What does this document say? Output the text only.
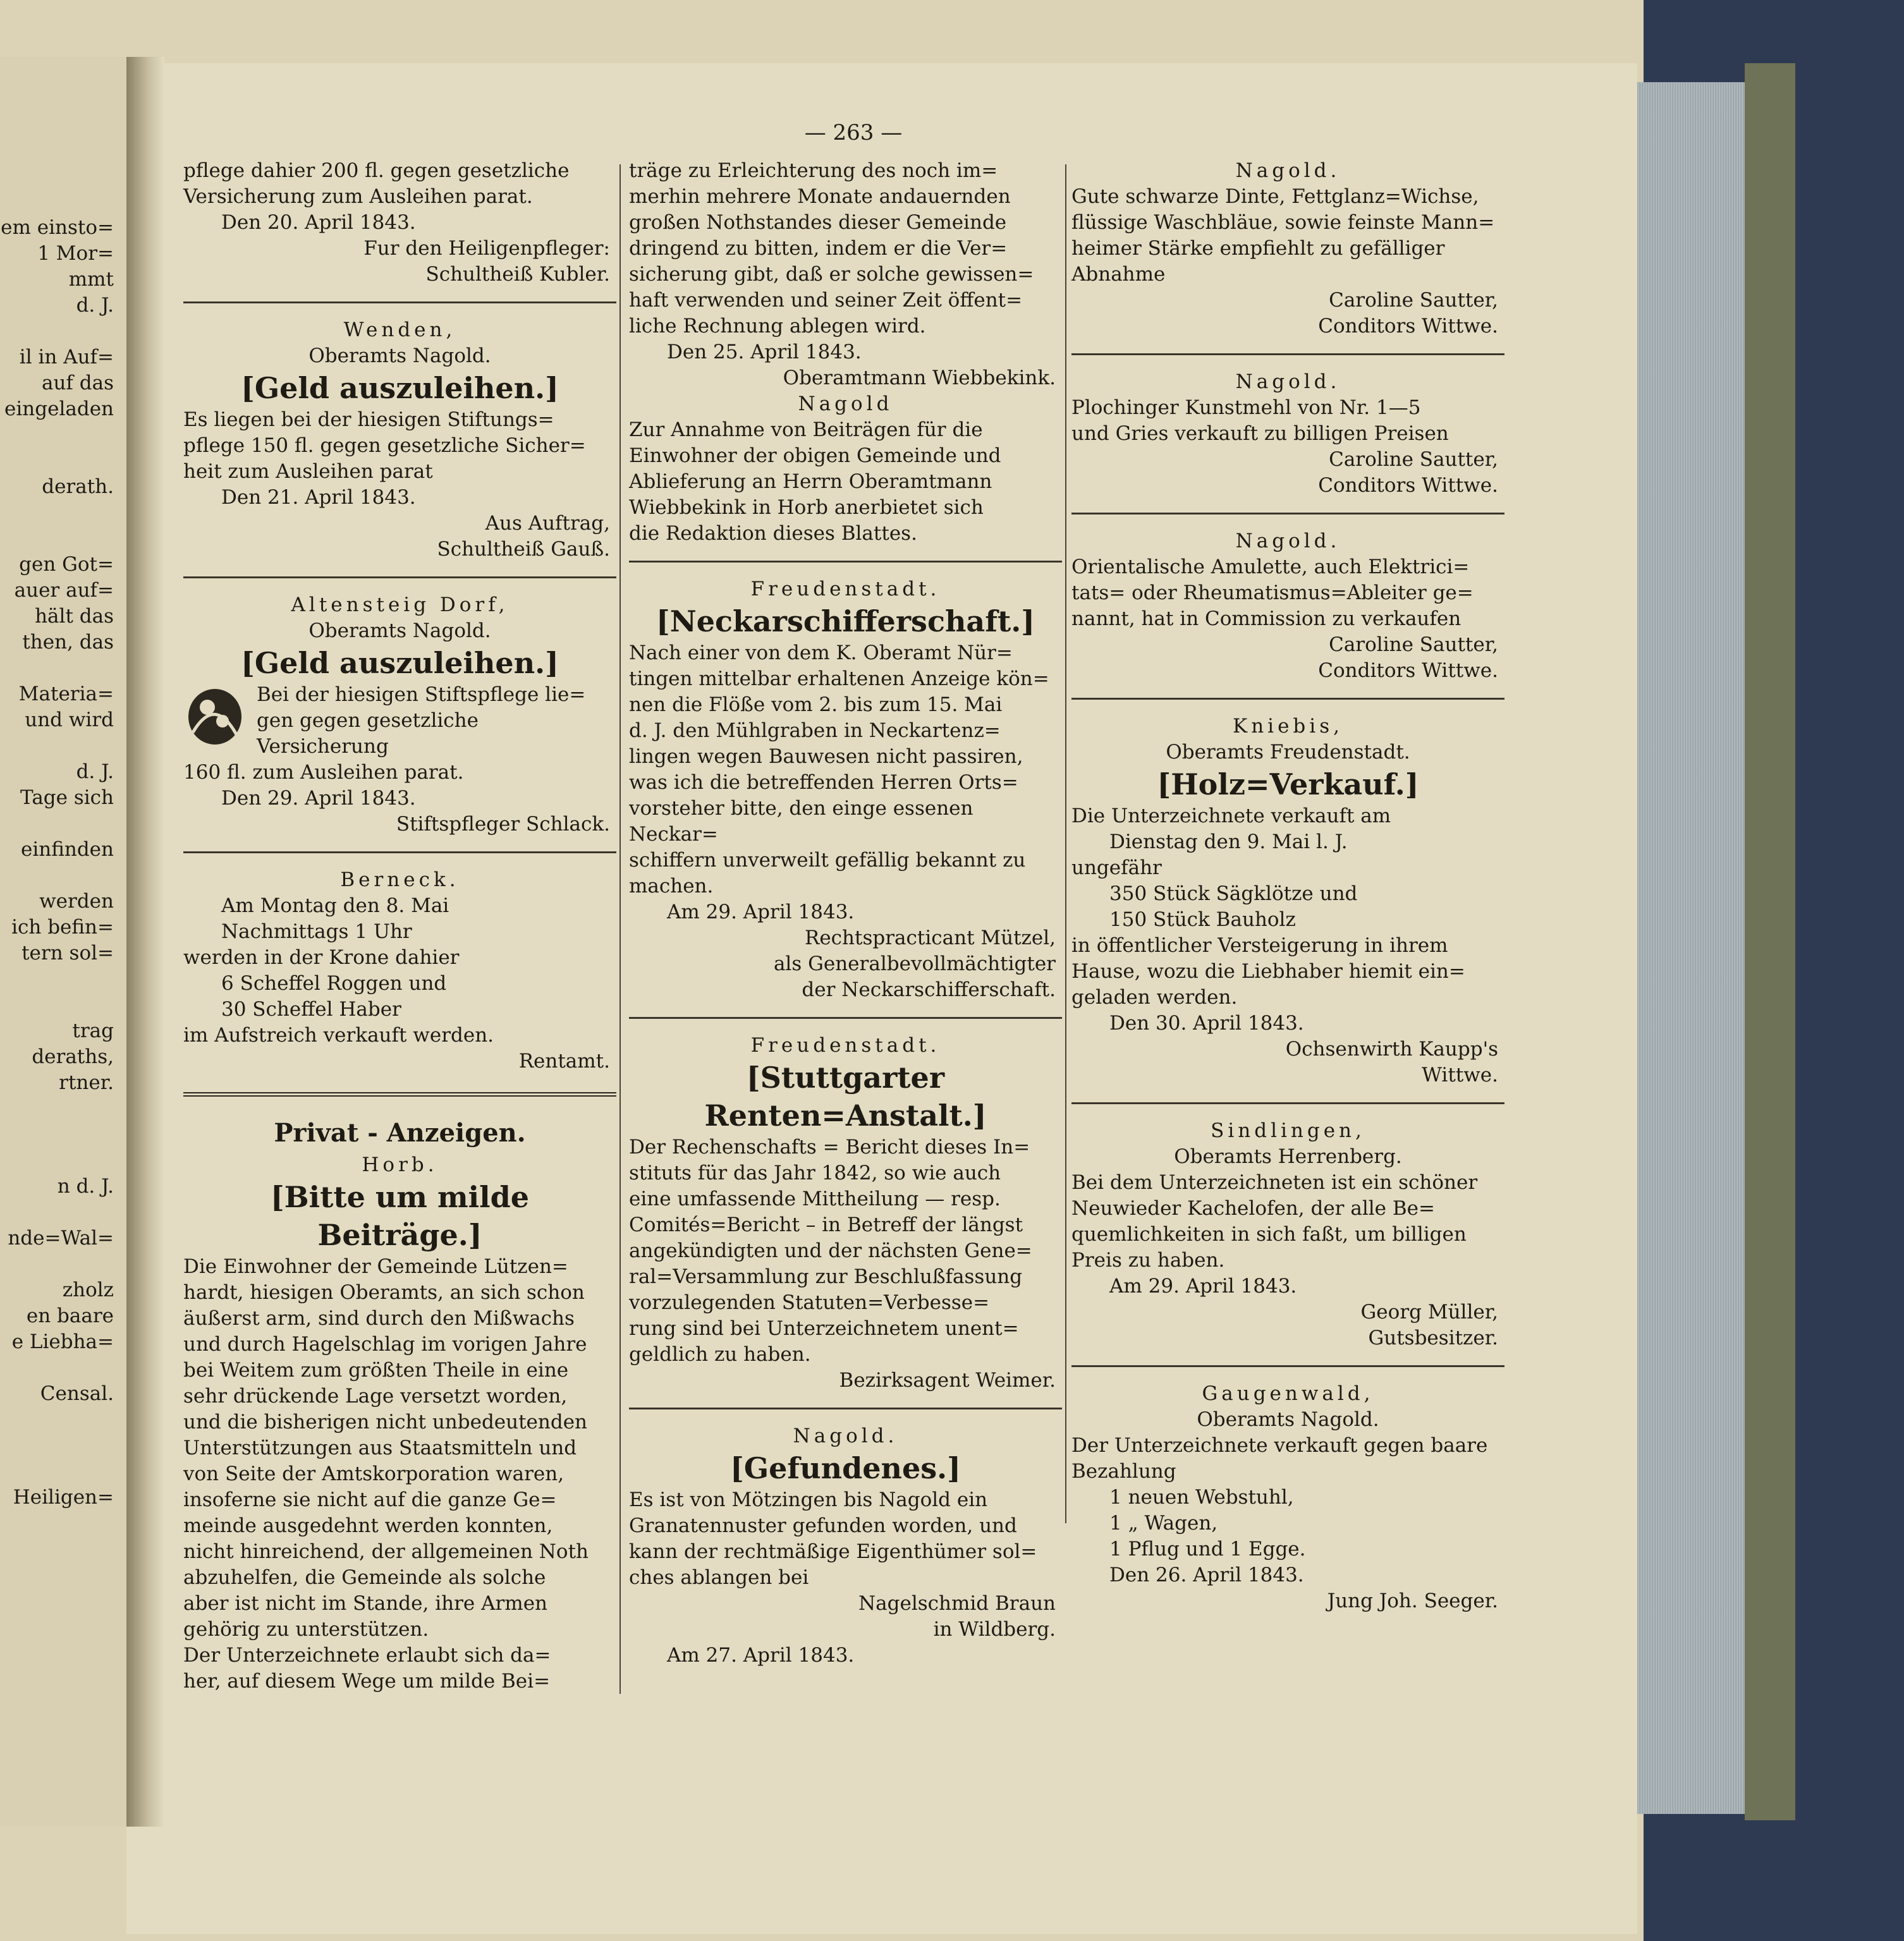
em einsto=
1 Mor=
mmt
d. J.
il in Auf=
auf das
eingeladen
derath.
gen Got=
auer auf=
hält das
then, das
Materia=
und wird
d. J.
Tage sich
einfinden
werden
ich befin=
tern sol=
trag
deraths,
rtner.
n d. J.
nde=Wal=
zholz
en baare
e Liebha=
Censal.
Heiligen=
— 263 —

pflege dahier 200 fl. gegen gesetzliche

Versicherung zum Ausleihen parat.

Den 20. April 1843.

Fur den Heiligenpfleger:

Schultheiß Kubler.

Wenden,

Oberamts Nagold.

[Geld auszuleihen.]

Es liegen bei der hiesigen Stiftungs=

pflege 150 fl. gegen gesetzliche Sicher=

heit zum Ausleihen parat

Den 21. April 1843.

Aus Auftrag,

Schultheiß Gauß.

Altensteig Dorf,

Oberamts Nagold.

[Geld auszuleihen.]

Bei der hiesigen Stiftspflege lie=

gen gegen gesetzliche Versicherung

160 fl. zum Ausleihen parat.

Den 29. April 1843.

Stiftspfleger Schlack.

Berneck.

Am Montag den 8. Mai

Nachmittags 1 Uhr

werden in der Krone dahier

6 Scheffel Roggen und

30 Scheffel Haber

im Aufstreich verkauft werden.

Rentamt.

Privat - Anzeigen.

Horb.

[Bitte um milde Beiträge.]

Die Einwohner der Gemeinde Lützen=

hardt, hiesigen Oberamts, an sich schon

äußerst arm, sind durch den Mißwachs

und durch Hagelschlag im vorigen Jahre

bei Weitem zum größten Theile in eine

sehr drückende Lage versetzt worden,

und die bisherigen nicht unbedeutenden

Unterstützungen aus Staatsmitteln und

von Seite der Amtskorporation waren,

insoferne sie nicht auf die ganze Ge=

meinde ausgedehnt werden konnten,

nicht hinreichend, der allgemeinen Noth

abzuhelfen, die Gemeinde als solche

aber ist nicht im Stande, ihre Armen

gehörig zu unterstützen.

Der Unterzeichnete erlaubt sich da=

her, auf diesem Wege um milde Bei=

träge zu Erleichterung des noch im=

merhin mehrere Monate andauernden

großen Nothstandes dieser Gemeinde

dringend zu bitten, indem er die Ver=

sicherung gibt, daß er solche gewissen=

haft verwenden und seiner Zeit öffent=

liche Rechnung ablegen wird.

Den 25. April 1843.

Oberamtmann Wiebbekink.

Nagold

Zur Annahme von Beiträgen für die

Einwohner der obigen Gemeinde und

Ablieferung an Herrn Oberamtmann

Wiebbekink in Horb anerbietet sich

die Redaktion dieses Blattes.

Freudenstadt.

[Neckarschifferschaft.]

Nach einer von dem K. Oberamt Nür=

tingen mittelbar erhaltenen Anzeige kön=

nen die Flöße vom 2. bis zum 15. Mai

d. J. den Mühlgraben in Neckartenz=

lingen wegen Bauwesen nicht passiren,

was ich die betreffenden Herren Orts=

vorsteher bitte, den einge essenen Neckar=

schiffern unverweilt gefällig bekannt zu

machen.

Am 29. April 1843.

Rechtspracticant Mützel,

als Generalbevollmächtigter

der Neckarschifferschaft.

Freudenstadt.

[Stuttgarter Renten=Anstalt.]

Der Rechenschafts = Bericht dieses In=

stituts für das Jahr 1842, so wie auch

eine umfassende Mittheilung — resp.

Comités=Bericht – in Betreff der längst

angekündigten und der nächsten Gene=

ral=Versammlung zur Beschlußfassung

vorzulegenden Statuten=Verbesse=

rung sind bei Unterzeichnetem unent=

geldlich zu haben.

Bezirksagent Weimer.

Nagold.

[Gefundenes.]

Es ist von Mötzingen bis Nagold ein

Granatennuster gefunden worden, und

kann der rechtmäßige Eigenthümer sol=

ches ablangen bei

Nagelschmid Braun

in Wildberg.

Am 27. April 1843.

Nagold.

Gute schwarze Dinte, Fettglanz=Wichse,

flüssige Waschbläue, sowie feinste Mann=

heimer Stärke empfiehlt zu gefälliger

Abnahme

Caroline Sautter,

Conditors Wittwe.

Nagold.

Plochinger Kunstmehl von Nr. 1—5

und Gries verkauft zu billigen Preisen

Caroline Sautter,

Conditors Wittwe.

Nagold.

Orientalische Amulette, auch Elektrici=

tats= oder Rheumatismus=Ableiter ge=

nannt, hat in Commission zu verkaufen

Caroline Sautter,

Conditors Wittwe.

Kniebis,

Oberamts Freudenstadt.

[Holz=Verkauf.]

Die Unterzeichnete verkauft am

Dienstag den 9. Mai l. J.

ungefähr

350 Stück Sägklötze und

150 Stück Bauholz

in öffentlicher Versteigerung in ihrem

Hause, wozu die Liebhaber hiemit ein=

geladen werden.

Den 30. April 1843.

Ochsenwirth Kaupp's

Wittwe.

Sindlingen,

Oberamts Herrenberg.

Bei dem Unterzeichneten ist ein schöner

Neuwieder Kachelofen, der alle Be=

quemlichkeiten in sich faßt, um billigen

Preis zu haben.

Am 29. April 1843.

Georg Müller,

Gutsbesitzer.

Gaugenwald,

Oberamts Nagold.

Der Unterzeichnete verkauft gegen baare

Bezahlung

1 neuen Webstuhl,

1 „ Wagen,

1 Pflug und 1 Egge.

Den 26. April 1843.

Jung Joh. Seeger.
